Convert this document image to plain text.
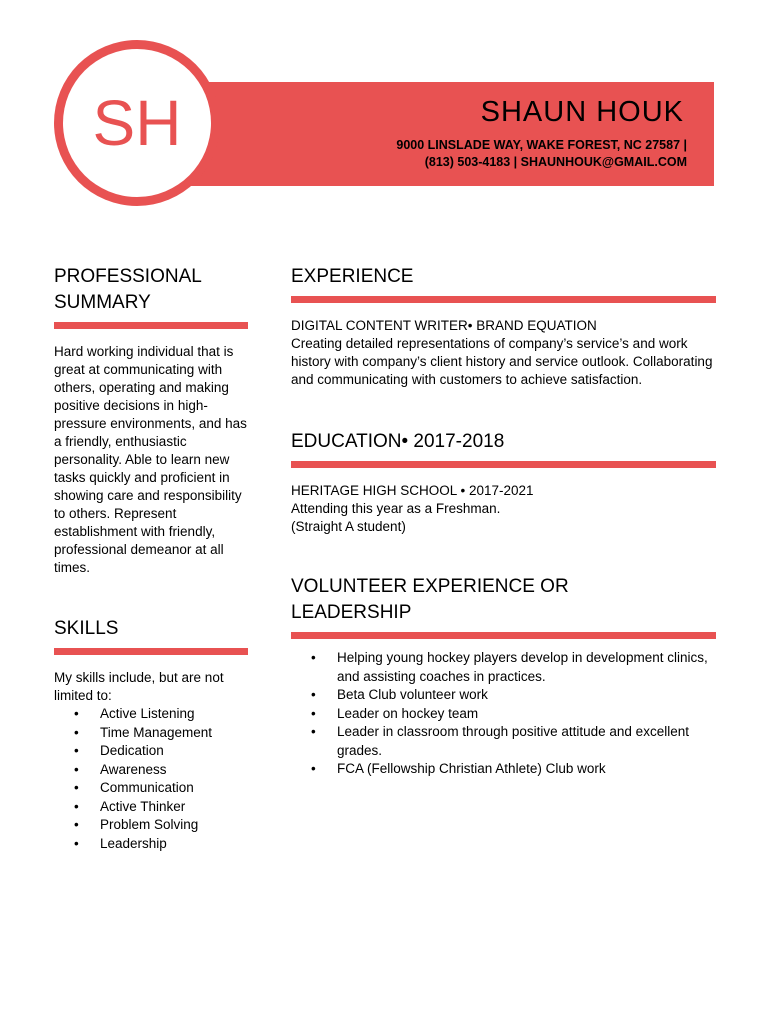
SHAUN HOUK
9000 LINSLADE WAY, WAKE FOREST, NC 27587 |
(813) 503-4183 | SHAUNHOUK@GMAIL.COM
SH
PROFESSIONAL
SUMMARY
Hard working individual that is great at communicating with others, operating and making positive decisions in high-pressure environments, and has a friendly, enthusiastic personality. Able to learn new tasks quickly and proficient in showing care and responsibility to others. Represent establishment with friendly, professional demeanor at all times.
SKILLS
My skills include, but are not limited to:
• Active Listening
• Time Management
• Dedication
• Awareness
• Communication
• Active Thinker
• Problem Solving
• Leadership
EXPERIENCE
DIGITAL CONTENT WRITER• BRAND EQUATION
Creating detailed representations of company’s service’s and work history with company’s client history and service outlook. Collaborating and communicating with customers to achieve satisfaction.
EDUCATION• 2017-2018
HERITAGE HIGH SCHOOL • 2017-2021
Attending this year as a Freshman.
(Straight A student)
VOLUNTEER EXPERIENCE OR
LEADERSHIP
• Helping young hockey players develop in development clinics, and assisting coaches in practices.
• Beta Club volunteer work
• Leader on hockey team
• Leader in classroom through positive attitude and excellent grades.
• FCA (Fellowship Christian Athlete) Club work
